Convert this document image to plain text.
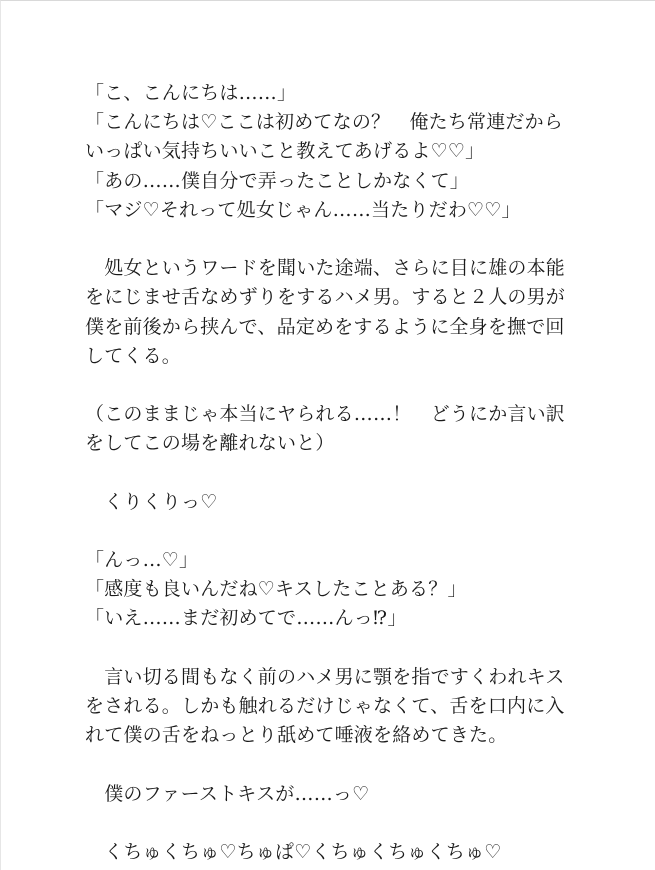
「こ、こんにちは……」
「こんにちは♡ここは初めてなの？　俺たち常連だから
いっぱい気持ちいいこと教えてあげるよ♡♡」
「あの……僕自分で弄ったことしかなくて」
「マジ♡それって処女じゃん……当たりだわ♡♡」
　処女というワードを聞いた途端、さらに目に雄の本能
をにじませ舌なめずりをするハメ男。すると２人の男が
僕を前後から挟んで、品定めをするように全身を撫で回
してくる。
（このままじゃ本当にヤられる……！　どうにか言い訳
をしてこの場を離れないと）
　くりくりっ♡
「んっ…♡」
「感度も良いんだね♡キスしたことある？」
「いえ……まだ初めてで……んっ⁉」
　言い切る間もなく前のハメ男に顎を指ですくわれキス
をされる。しかも触れるだけじゃなくて、舌を口内に入
れて僕の舌をねっとり舐めて唾液を絡めてきた。
　僕のファーストキスが……っ♡
　くちゅくちゅ♡ちゅぱ♡くちゅくちゅくちゅ♡
